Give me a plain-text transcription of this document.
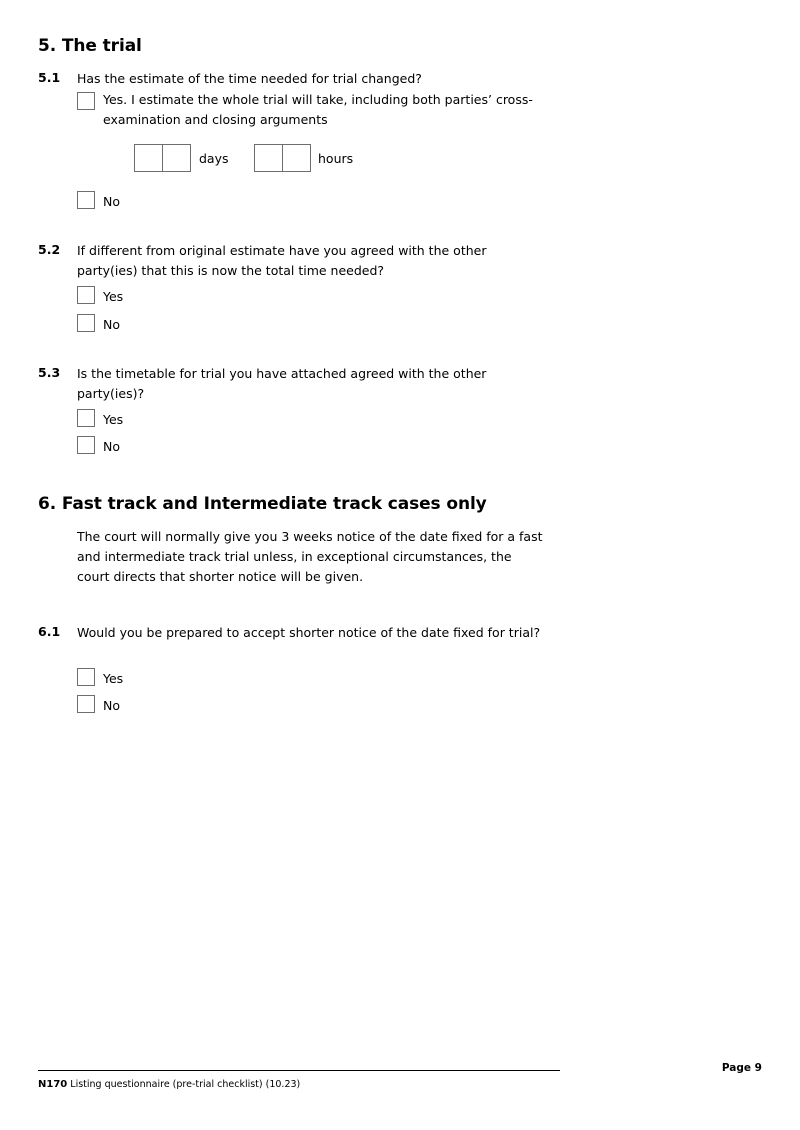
5. The trial
5.1 Has the estimate of the time needed for trial changed?
Yes. I estimate the whole trial will take, including both parties’ cross-examination and closing arguments
days	hours
No
5.2 If different from original estimate have you agreed with the other party(ies) that this is now the total time needed?
Yes
No
5.3 Is the timetable for trial you have attached agreed with the other party(ies)?
Yes
No
6. Fast track and Intermediate track cases only
The court will normally give you 3 weeks notice of the date fixed for a fast and intermediate track trial unless, in exceptional circumstances, the court directs that shorter notice will be given.
6.1 Would you be prepared to accept shorter notice of the date fixed for trial?
Yes
No
Page 9
N170 Listing questionnaire (pre-trial checklist) (10.23)
